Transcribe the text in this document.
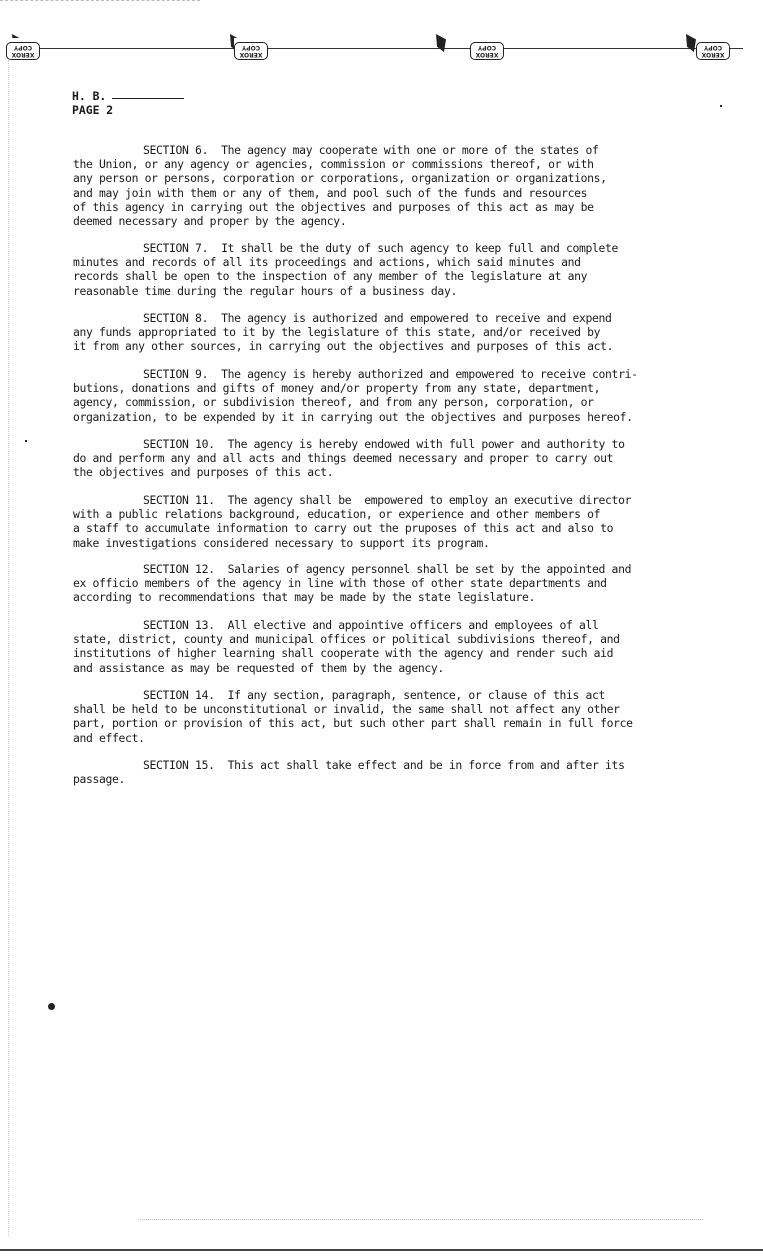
XEROX COPY
XEROX COPY
XEROX COPY
XEROX COPY
H. B.
PAGE 2
SECTION 6.  The agency may cooperate with one or more of the states of

the Union, or any agency or agencies, commission or commissions thereof, or with
any person or persons, corporation or corporations, organization or organizations,
and may join with them or any of them, and pool such of the funds and resources
of this agency in carrying out the objectives and purposes of this act as may be
deemed necessary and proper by the agency.
SECTION 7.  It shall be the duty of such agency to keep full and complete

minutes and records of all its proceedings and actions, which said minutes and
records shall be open to the inspection of any member of the legislature at any
reasonable time during the regular hours of a business day.
SECTION 8.  The agency is authorized and empowered to receive and expend

any funds appropriated to it by the legislature of this state, and/or received by
it from any other sources, in carrying out the objectives and purposes of this act.
SECTION 9.  The agency is hereby authorized and empowered to receive contri-

butions, donations and gifts of money and/or property from any state, department,
agency, commission, or subdivision thereof, and from any person, corporation, or
organization, to be expended by it in carrying out the objectives and purposes hereof.
SECTION 10.  The agency is hereby endowed with full power and authority to

do and perform any and all acts and things deemed necessary and proper to carry out
the objectives and purposes of this act.
SECTION 11.  The agency shall be  empowered to employ an executive director

with a public relations background, education, or experience and other members of
a staff to accumulate information to carry out the pruposes of this act and also to
make investigations considered necessary to support its program.
SECTION 12.  Salaries of agency personnel shall be set by the appointed and

ex officio members of the agency in line with those of other state departments and
according to recommendations that may be made by the state legislature.
SECTION 13.  All elective and appointive officers and employees of all

state, district, county and municipal offices or political subdivisions thereof, and
institutions of higher learning shall cooperate with the agency and render such aid
and assistance as may be requested of them by the agency.
SECTION 14.  If any section, paragraph, sentence, or clause of this act

shall be held to be unconstitutional or invalid, the same shall not affect any other
part, portion or provision of this act, but such other part shall remain in full force
and effect.
SECTION 15.  This act shall take effect and be in force from and after its

passage.
